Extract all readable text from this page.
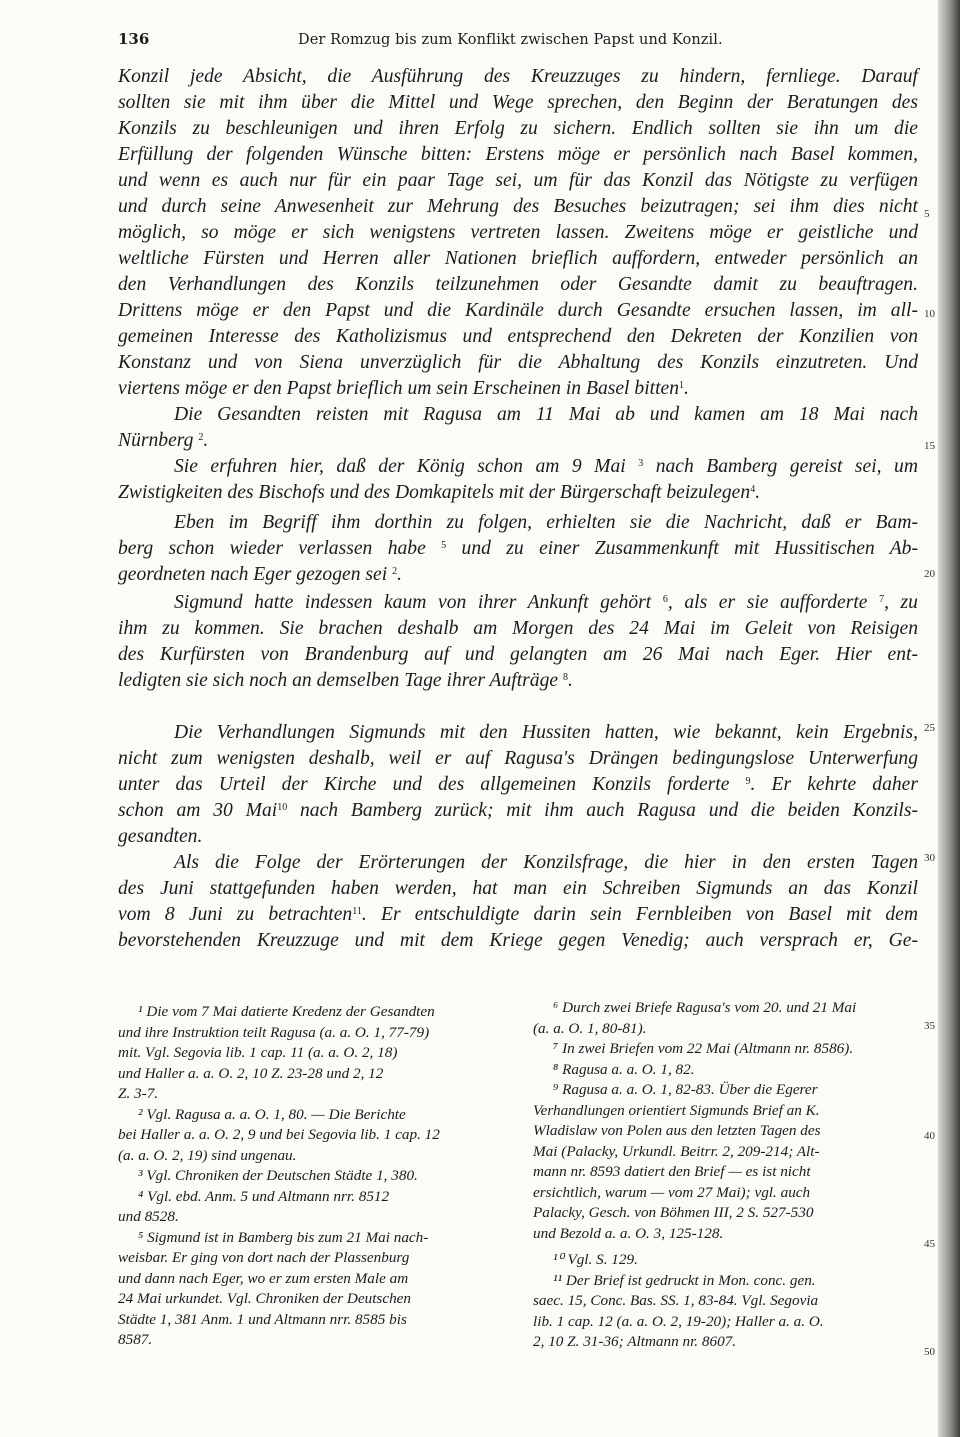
136	Der Romzug bis zum Konflikt zwischen Papst und Konzil.
Konzil jede Absicht, die Ausführung des Kreuzzuges zu hindern, fernliege. Darauf
sollten sie mit ihm über die Mittel und Wege sprechen, den Beginn der Beratungen des
Konzils zu beschleunigen und ihren Erfolg zu sichern. Endlich sollten sie ihn um die
Erfüllung der folgenden Wünsche bitten: Erstens möge er persönlich nach Basel kommen,
und wenn es auch nur für ein paar Tage sei, um für das Konzil das Nötigste zu verfügen
und durch seine Anwesenheit zur Mehrung des Besuches beizutragen; sei ihm dies nicht
möglich, so möge er sich wenigstens vertreten lassen. Zweitens möge er geistliche und
weltliche Fürsten und Herren aller Nationen brieflich auffordern, entweder persönlich an
den Verhandlungen des Konzils teilzunehmen oder Gesandte damit zu beauftragen.
Drittens möge er den Papst und die Kardinäle durch Gesandte ersuchen lassen, im all-
gemeinen Interesse des Katholizismus und entsprechend den Dekreten der Konzilien von
Konstanz und von Siena unverzüglich für die Abhaltung des Konzils einzutreten. Und
viertens möge er den Papst brieflich um sein Erscheinen in Basel bitten$^1$.
Die Gesandten reisten mit Ragusa am 11 Mai ab und kamen am 18 Mai nach
Nürnberg $^2$.
Sie erfuhren hier, daß der König schon am 9 Mai $^3$ nach Bamberg gereist sei, um
Zwistigkeiten des Bischofs und des Domkapitels mit der Bürgerschaft beizulegen$^4$.
Eben im Begriff ihm dorthin zu folgen, erhielten sie die Nachricht, daß er Bam-
berg schon wieder verlassen habe $^5$ und zu einer Zusammenkunft mit Hussitischen Ab-
geordneten nach Eger gezogen sei $^2$.
Sigmund hatte indessen kaum von ihrer Ankunft gehört $^6$, als er sie aufforderte $^7$, zu
ihm zu kommen. Sie brachen deshalb am Morgen des 24 Mai im Geleit von Reisigen
des Kurfürsten von Brandenburg auf und gelangten am 26 Mai nach Eger. Hier ent-
ledigten sie sich noch an demselben Tage ihrer Aufträge $^8$.
Die Verhandlungen Sigmunds mit den Hussiten hatten, wie bekannt, kein Ergebnis,
nicht zum wenigsten deshalb, weil er auf Ragusa's Drängen bedingungslose Unterwerfung
unter das Urteil der Kirche und des allgemeinen Konzils forderte $^9$. Er kehrte daher
schon am 30 Mai$^{10}$ nach Bamberg zurück; mit ihm auch Ragusa und die beiden Konzils-
gesandten.
Als die Folge der Erörterungen der Konzilsfrage, die hier in den ersten Tagen
des Juni stattgefunden haben werden, hat man ein Schreiben Sigmunds an das Konzil
vom 8 Juni zu betrachten$^{11}$. Er entschuldigte darin sein Fernbleiben von Basel mit dem
bevorstehenden Kreuzzuge und mit dem Kriege gegen Venedig; auch versprach er, Ge-
5
10
15
20
25
30
35
40
45
50
¹ Die vom 7 Mai datierte Kredenz der Gesandten
und ihre Instruktion teilt Ragusa (a. a. O. 1, 77-79)
mit. Vgl. Segovia lib. 1 cap. 11 (a. a. O. 2, 18)
und Haller a. a. O. 2, 10 Z. 23-28 und 2, 12
Z. 3-7.
² Vgl. Ragusa a. a. O. 1, 80. — Die Berichte
bei Haller a. a. O. 2, 9 und bei Segovia lib. 1 cap. 12
(a. a. O. 2, 19) sind ungenau.
³ Vgl. Chroniken der Deutschen Städte 1, 380.
⁴ Vgl. ebd. Anm. 5 und Altmann nrr. 8512
und 8528.
⁵ Sigmund ist in Bamberg bis zum 21 Mai nach-
weisbar. Er ging von dort nach der Plassenburg
und dann nach Eger, wo er zum ersten Male am
24 Mai urkundet. Vgl. Chroniken der Deutschen
Städte 1, 381 Anm. 1 und Altmann nrr. 8585 bis
8587.
⁶ Durch zwei Briefe Ragusa's vom 20. und 21 Mai
(a. a. O. 1, 80-81).
⁷ In zwei Briefen vom 22 Mai (Altmann nr. 8586).
⁸ Ragusa a. a. O. 1, 82.
⁹ Ragusa a. a. O. 1, 82-83. Über die Egerer
Verhandlungen orientiert Sigmunds Brief an K.
Wladislaw von Polen aus den letzten Tagen des
Mai (Palacky, Urkundl. Beitrr. 2, 209-214; Alt-
mann nr. 8593 datiert den Brief — es ist nicht
ersichtlich, warum — vom 27 Mai); vgl. auch
Palacky, Gesch. von Böhmen III, 2 S. 527-530
und Bezold a. a. O. 3, 125-128.
¹⁰ Vgl. S. 129.
¹¹ Der Brief ist gedruckt in Mon. conc. gen.
saec. 15, Conc. Bas. SS. 1, 83-84. Vgl. Segovia
lib. 1 cap. 12 (a. a. O. 2, 19-20); Haller a. a. O.
2, 10 Z. 31-36; Altmann nr. 8607.
